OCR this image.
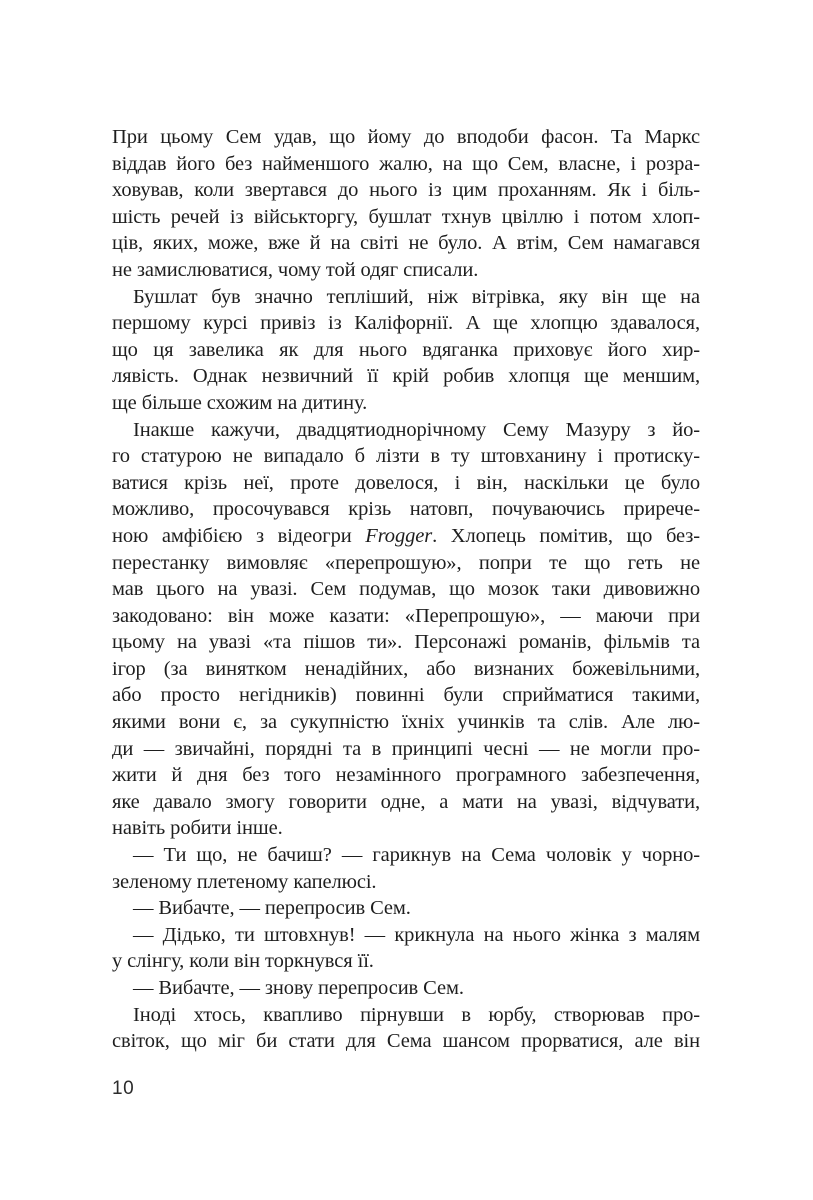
При цьому Сем удав, що йому до вподоби фасон. Та Маркс
віддав його без найменшого жалю, на що Сем, власне, і розра-
ховував, коли звертався до нього із цим проханням. Як і біль-
шість речей із військторгу, бушлат тхнув цвіллю і потом хлоп-
ців, яких, може, вже й на світі не було. А втім, Сем намагався
не замислюватися, чому той одяг списали.

Бушлат був значно тепліший, ніж вітрівка, яку він ще на
першому курсі привіз із Каліфорнії. А ще хлопцю здавалося,
що ця завелика як для нього вдяганка приховує його хир-
лявість. Однак незвичний її крій робив хлопця ще меншим,
ще більше схожим на дитину.

Інакше кажучи, двадцятиоднорічному Сему Мазуру з йо-
го статурою не випадало б лізти в ту штовханину і протиску-
ватися крізь неї, проте довелося, і він, наскільки це було
можливо, просочувався крізь натовп, почуваючись прирече-
ною амфібією з відеогри Frogger. Хлопець помітив, що без-
перестанку вимовляє «перепрошую», попри те що геть не
мав цього на увазі. Сем подумав, що мозок таки дивовижно
закодовано: він може казати: «Перепрошую», — маючи при
цьому на увазі «та пішов ти». Персонажі романів, фільмів та
ігор (за винятком ненадійних, або визнаних божевільними,
або просто негідників) повинні були сприйматися такими,
якими вони є, за сукупністю їхніх учинків та слів. Але лю-
ди — звичайні, порядні та в принципі чесні — не могли про-
жити й дня без того незамінного програмного забезпечення,
яке давало змогу говорити одне, а мати на увазі, відчувати,
навіть робити інше.

— Ти що, не бачиш? — гарикнув на Сема чоловік у чорно-
зеленому плетеному капелюсі.

— Вибачте, — перепросив Сем.

— Дідько, ти штовхнув! — крикнула на нього жінка з малям
у слінгу, коли він торкнувся її.

— Вибачте, — знову перепросив Сем.

Іноді хтось, квапливо пірнувши в юрбу, створював про-
світок, що міг би стати для Сема шансом прорватися, але він

10
